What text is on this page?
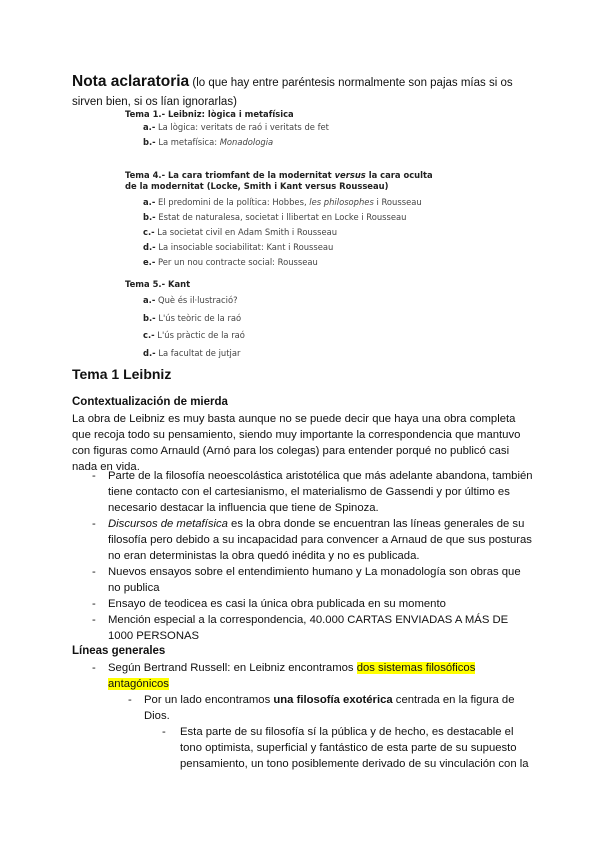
Nota aclaratoria (lo que hay entre paréntesis normalmente son pajas mías si os sirven bien, si os lían ignorarlas)
Tema 1.- Leibniz: lògica i metafísica
a.- La lògica: veritats de raó i veritats de fet
b.- La metafísica: Monadologia
Tema 4.- La cara triomfant de la modernitat versus la cara oculta
de la modernitat (Locke, Smith i Kant versus Rousseau)
a.- El predomini de la política: Hobbes, les philosophes i Rousseau
b.- Estat de naturalesa, societat i llibertat en Locke i Rousseau
c.- La societat civil en Adam Smith i Rousseau
d.- La insociable sociabilitat: Kant i Rousseau
e.- Per un nou contracte social: Rousseau
Tema 5.- Kant
a.- Què és il·lustració?
b.- L'ús teòric de la raó
c.- L'ús pràctic de la raó
d.- La facultat de jutjar
Tema 1 Leibniz
Contextualización de mierda
La obra de Leibniz es muy basta aunque no se puede decir que haya una obra completa que recoja todo su pensamiento, siendo muy importante la correspondencia que mantuvo con figuras como Arnauld (Arnó para los colegas) para entender porqué no publicó casi nada en vida.
- Parte de la filosofía neoescolástica aristotélica que más adelante abandona, también tiene contacto con el cartesianismo, el materialismo de Gassendi y por último es necesario destacar la influencia que tiene de Spinoza.
- Discursos de metafísica es la obra donde se encuentran las líneas generales de su filosofía pero debido a su incapacidad para convencer a Arnaud de que sus posturas no eran deterministas la obra quedó inédita y no es publicada.
- Nuevos ensayos sobre el entendimiento humano y La monadología son obras que no publica
- Ensayo de teodicea es casi la única obra publicada en su momento
- Mención especial a la correspondencia, 40.000 CARTAS ENVIADAS A MÁS DE 1000 PERSONAS
Líneas generales
- Según Bertrand Russell: en Leibniz encontramos dos sistemas filosóficos antagónicos
- Por un lado encontramos una filosofía exotérica centrada en la figura de Dios.
- Esta parte de su filosofía sí la pública y de hecho, es destacable el tono optimista, superficial y fantástico de esta parte de su supuesto pensamiento, un tono posiblemente derivado de su vinculación con la
